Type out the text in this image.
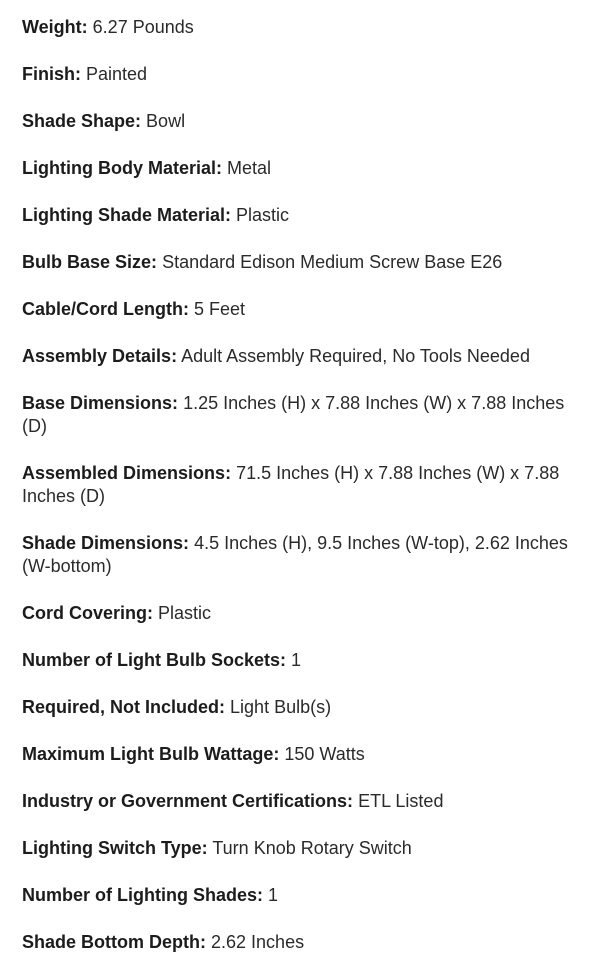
Weight: 6.27 Pounds
Finish: Painted
Shade Shape: Bowl
Lighting Body Material: Metal
Lighting Shade Material: Plastic
Bulb Base Size: Standard Edison Medium Screw Base E26
Cable/Cord Length: 5 Feet
Assembly Details: Adult Assembly Required, No Tools Needed
Base Dimensions: 1.25 Inches (H) x 7.88 Inches (W) x 7.88 Inches (D)
Assembled Dimensions: 71.5 Inches (H) x 7.88 Inches (W) x 7.88 Inches (D)
Shade Dimensions: 4.5 Inches (H), 9.5 Inches (W-top), 2.62 Inches (W-bottom)
Cord Covering: Plastic
Number of Light Bulb Sockets: 1
Required, Not Included: Light Bulb(s)
Maximum Light Bulb Wattage: 150 Watts
Industry or Government Certifications: ETL Listed
Lighting Switch Type: Turn Knob Rotary Switch
Number of Lighting Shades: 1
Shade Bottom Depth: 2.62 Inches
